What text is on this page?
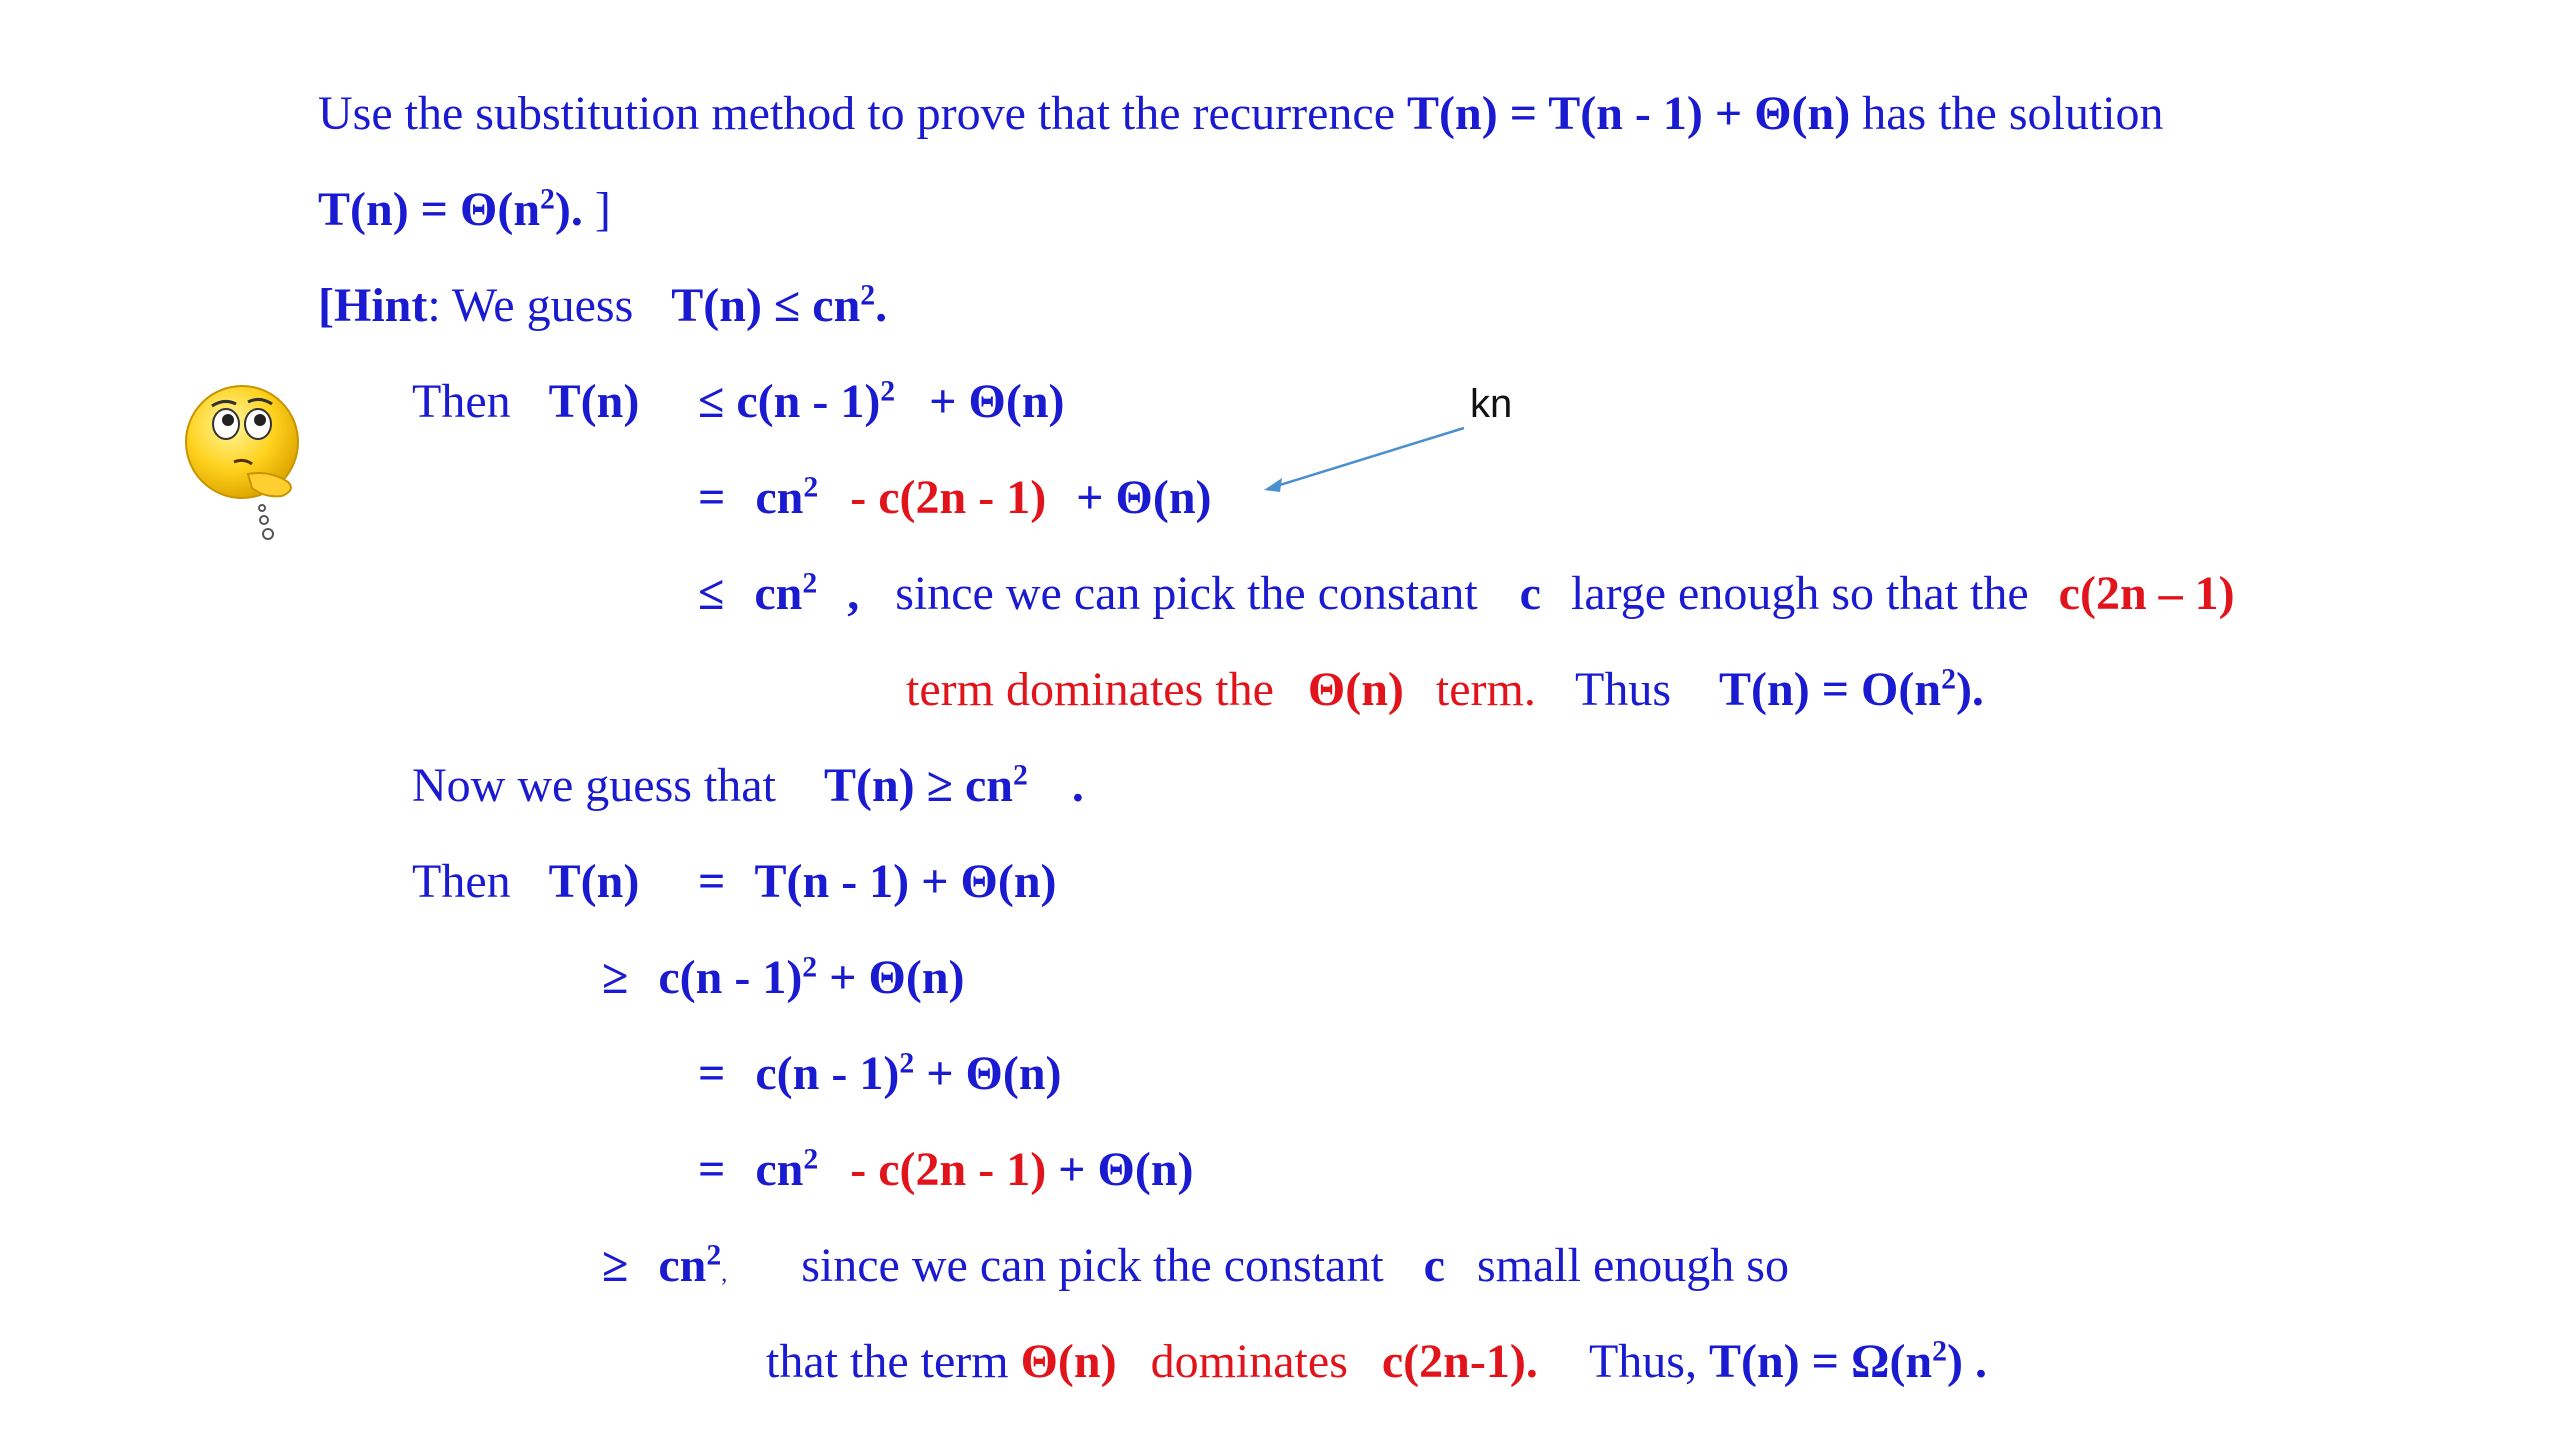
Use the substitution method to prove that the recurrence T(n) = T(n - 1) + Θ(n) has the solution
$T(n) = \Theta(n^2)$. ]
[Hint: We guess $T(n) \le cn^2$.
Then T(n) ≤ c(n - 1)$^2$ + Θ(n)	kn
= $cn^2 - c(2n - 1) + \Theta(n)$
≤ $cn^2$ , since we can pick the constant c large enough so that the c(2n – 1)
term dominates the Θ(n) term. Thus $T(n) = O(n^2)$.
Now we guess that $T(n) \ge cn^2$ .
Then T(n) = T(n - 1) + Θ(n)
≥ c(n - 1)$^2$ + Θ(n)
= c(n - 1)$^2$ + Θ(n)
= $cn^2 - c(2n - 1) + \Theta(n)$
≥ $cn^2$, since we can pick the constant c small enough so
that the term Θ(n) dominates c(2n-1). Thus, $T(n) = \Omega(n^2)$ .
